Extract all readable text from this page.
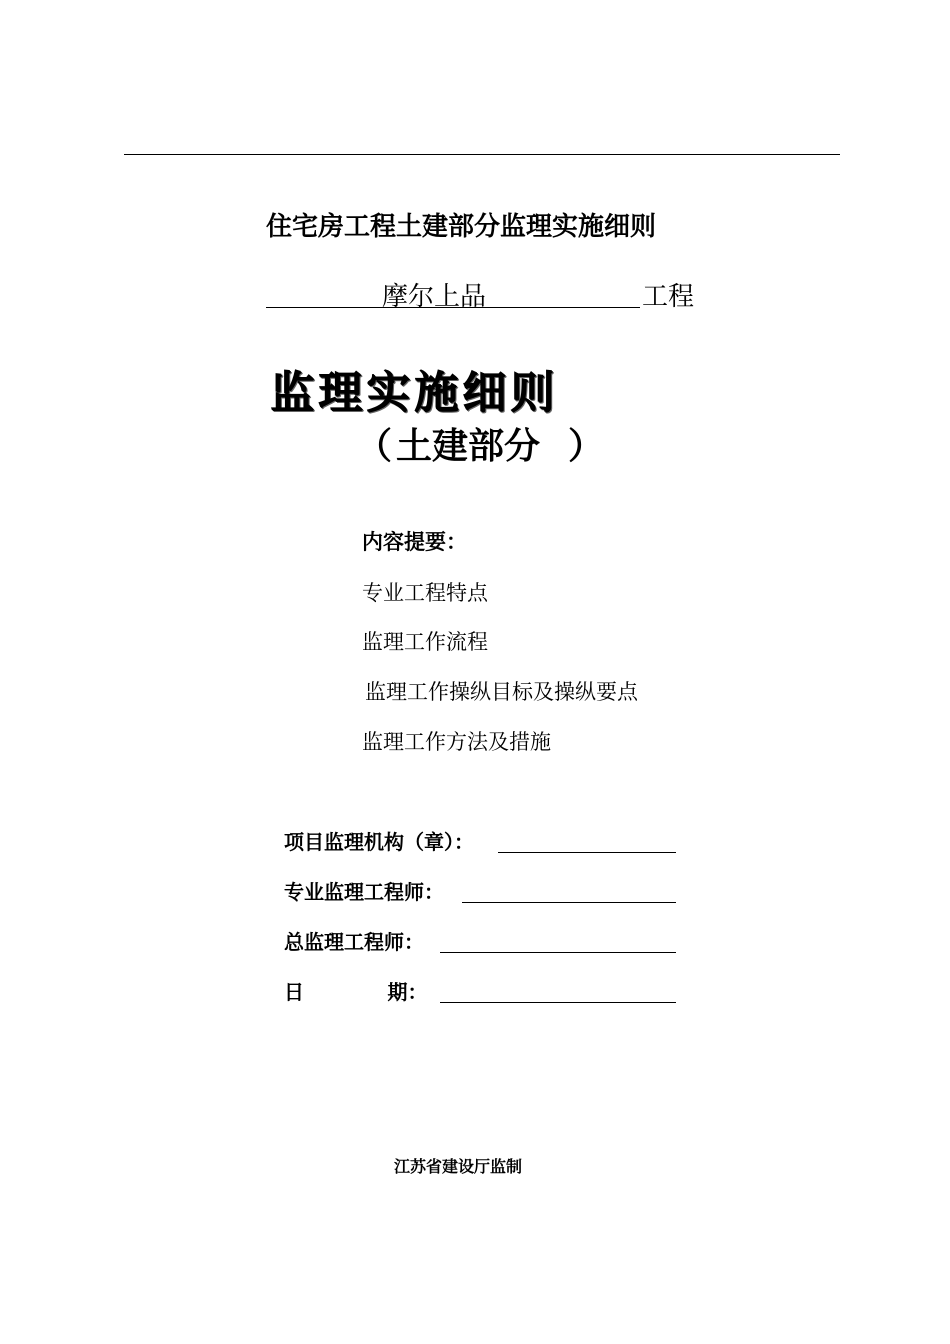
住宅房工程土建部分监理实施细则
摩尔上品	工程
监理实施细则
（ 土建部分 ）
内容提要：
专业工程特点
监理工作流程
监理工作操纵目标及操纵要点
监理工作方法及措施
项目监理机构（章）：
专业监理工程师：
总监理工程师：
日            期：
江苏省建设厅监制
